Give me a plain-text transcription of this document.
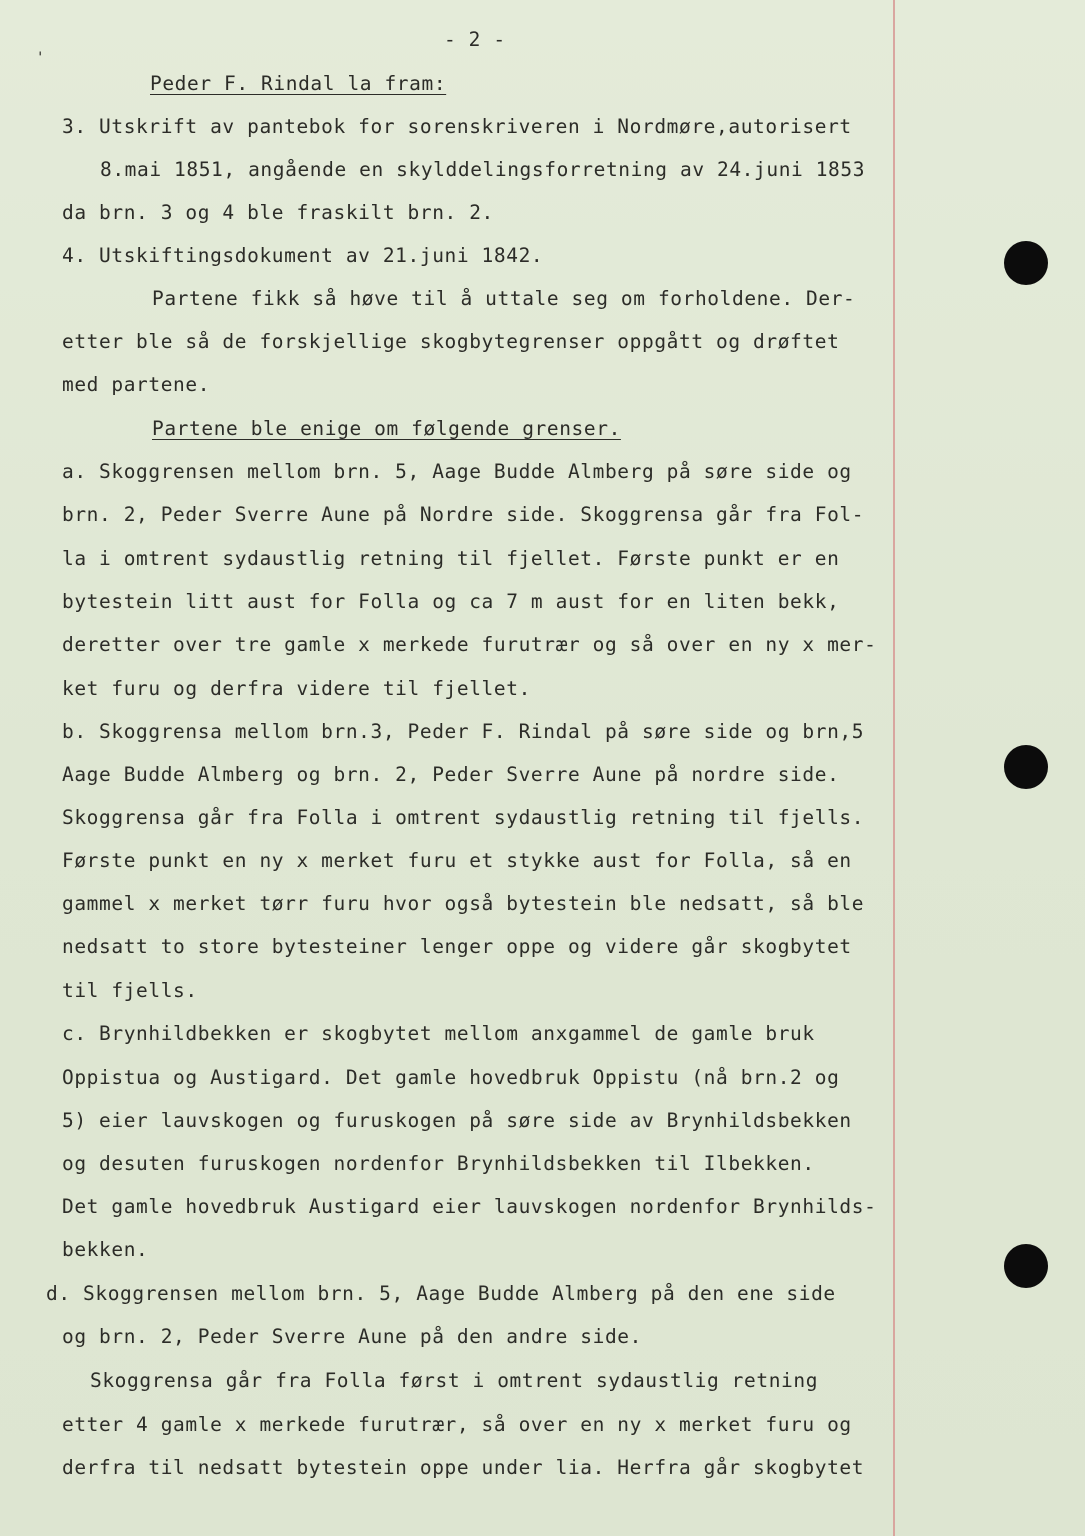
'
- 2 -
Peder F. Rindal la fram:
3. Utskrift av pantebok for sorenskriveren i Nordmøre,autorisert
8.mai 1851, angående en skylddelingsforretning av 24.juni 1853
da brn. 3 og 4 ble fraskilt brn. 2.
4. Utskiftingsdokument av 21.juni 1842.
Partene fikk så høve til å uttale seg om forholdene. Der-
etter ble så de forskjellige skogbytegrenser oppgått og drøftet
med partene.
Partene ble enige om følgende grenser.
a. Skoggrensen mellom brn. 5, Aage Budde Almberg på søre side og
brn. 2, Peder Sverre Aune på Nordre side. Skoggrensa går fra Fol-
la i omtrent sydaustlig retning til fjellet. Første punkt er en
bytestein litt aust for Folla og ca 7 m aust for en liten bekk,
deretter over tre gamle x merkede furutrær og så over en ny x mer-
ket furu og derfra videre til fjellet.
b. Skoggrensa mellom brn.3, Peder F. Rindal på søre side og brn,5
Aage Budde Almberg og brn. 2, Peder Sverre Aune på nordre side.
Skoggrensa går fra Folla i omtrent sydaustlig retning til fjells.
Første punkt en ny x merket furu et stykke aust for Folla, så en
gammel x merket tørr furu hvor også bytestein ble nedsatt, så ble
nedsatt to store bytesteiner lenger oppe og videre går skogbytet
til fjells.
c. Brynhildbekken er skogbytet mellom anxgammel de gamle bruk
Oppistua og Austigard. Det gamle hovedbruk Oppistu (nå brn.2 og
5) eier lauvskogen og furuskogen på søre side av Brynhildsbekken
og desuten furuskogen nordenfor Brynhildsbekken til Ilbekken.
Det gamle hovedbruk Austigard eier lauvskogen nordenfor Brynhilds-
bekken.
d. Skoggrensen mellom brn. 5, Aage Budde Almberg på den ene side
og brn. 2, Peder Sverre Aune på den andre side.
Skoggrensa går fra Folla først i omtrent sydaustlig retning
etter 4 gamle x merkede furutrær, så over en ny x merket furu og
derfra til nedsatt bytestein oppe under lia. Herfra går skogbytet
